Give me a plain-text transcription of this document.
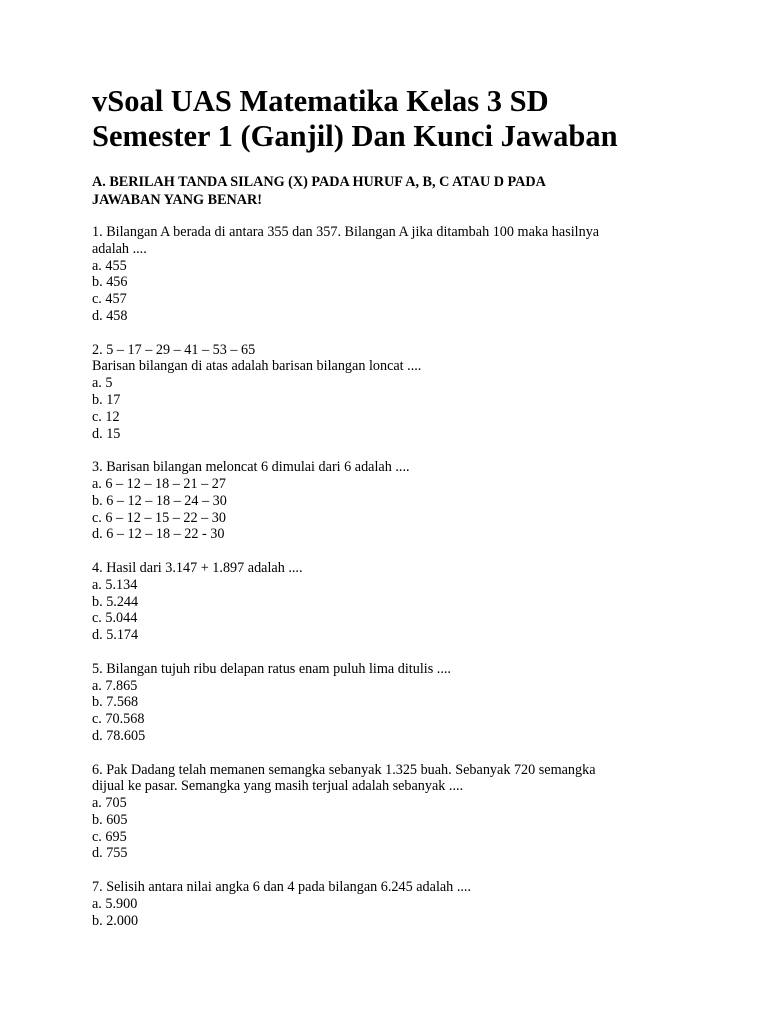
vSoal UAS Matematika Kelas 3 SD
Semester 1 (Ganjil) Dan Kunci Jawaban

A. BERILAH TANDA SILANG (X) PADA HURUF A, B, C ATAU D PADA
JAWABAN YANG BENAR!

1. Bilangan A berada di antara 355 dan 357. Bilangan A jika ditambah 100 maka hasilnya
adalah ....
a. 455
b. 456
c. 457
d. 458
2. 5 – 17 – 29 – 41 – 53 – 65
Barisan bilangan di atas adalah barisan bilangan loncat ....
a. 5
b. 17
c. 12
d. 15
3. Barisan bilangan meloncat 6 dimulai dari 6 adalah ....
a. 6 – 12 – 18 – 21 – 27
b. 6 – 12 – 18 – 24 – 30
c. 6 – 12 – 15 – 22 – 30
d. 6 – 12 – 18 – 22 - 30
4. Hasil dari 3.147 + 1.897 adalah ....
a. 5.134
b. 5.244
c. 5.044
d. 5.174
5. Bilangan tujuh ribu delapan ratus enam puluh lima ditulis ....
a. 7.865
b. 7.568
c. 70.568
d. 78.605
6. Pak Dadang telah memanen semangka sebanyak 1.325 buah. Sebanyak 720 semangka
dijual ke pasar. Semangka yang masih terjual adalah sebanyak ....
a. 705
b. 605
c. 695
d. 755
7. Selisih antara nilai angka 6 dan 4 pada bilangan 6.245 adalah ....
a. 5.900
b. 2.000
